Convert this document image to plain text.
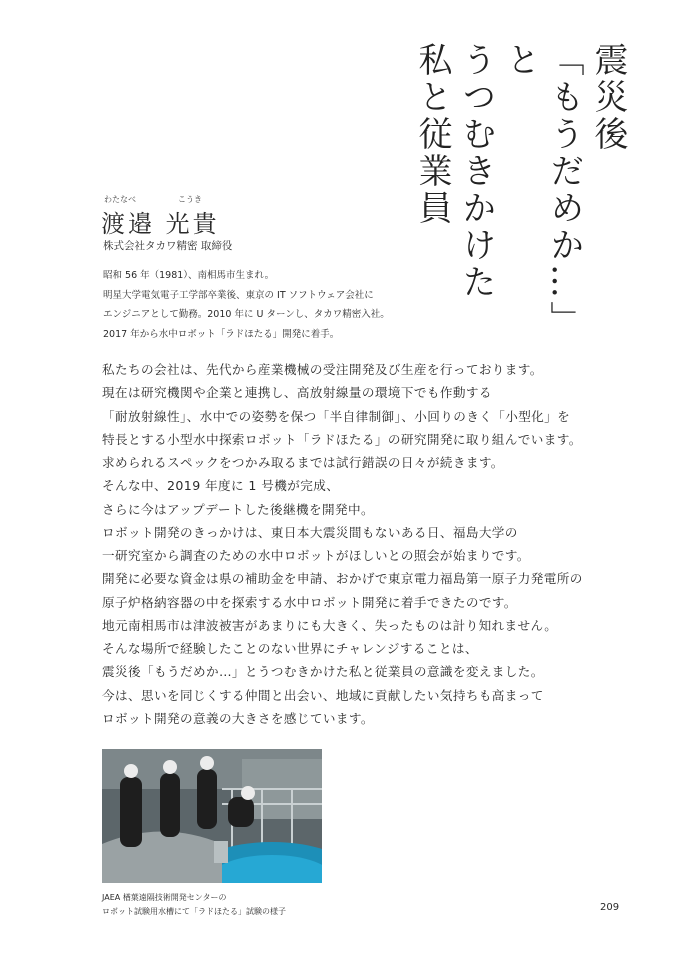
震災後
「もうだめか…」と
うつむきかけた
私と従業員
わたなべ	こうき
渡邉 光貴
株式会社タカワ精密 取締役
昭和 56 年（1981）、南相馬市生まれ。
明星大学電気電子工学部卒業後、東京の IT ソフトウェア会社に
エンジニアとして勤務。2010 年に U ターンし、タカワ精密入社。
2017 年から水中ロボット「ラドほたる」開発に着手。
私たちの会社は、先代から産業機械の受注開発及び生産を行っております。
現在は研究機関や企業と連携し、高放射線量の環境下でも作動する
「耐放射線性」、水中での姿勢を保つ「半自律制御」、小回りのきく「小型化」を
特長とする小型水中探索ロボット「ラドほたる」の研究開発に取り組んでいます。
求められるスペックをつかみ取るまでは試行錯誤の日々が続きます。
そんな中、2019 年度に 1 号機が完成、
さらに今はアップデートした後継機を開発中。
ロボット開発のきっかけは、東日本大震災間もないある日、福島大学の
一研究室から調査のための水中ロボットがほしいとの照会が始まりです。
開発に必要な資金は県の補助金を申請、おかげで東京電力福島第一原子力発電所の
原子炉格納容器の中を探索する水中ロボット開発に着手できたのです。
地元南相馬市は津波被害があまりにも大きく、失ったものは計り知れません。
そんな場所で経験したことのない世界にチャレンジすることは、
震災後「もうだめか…」とうつむきかけた私と従業員の意識を変えました。
今は、思いを同じくする仲間と出会い、地域に貢献したい気持ちも高まって
ロボット開発の意義の大きさを感じています。
JAEA 楢葉遠隔技術開発センターの
ロボット試験用水槽にて「ラドほたる」試験の様子	209
